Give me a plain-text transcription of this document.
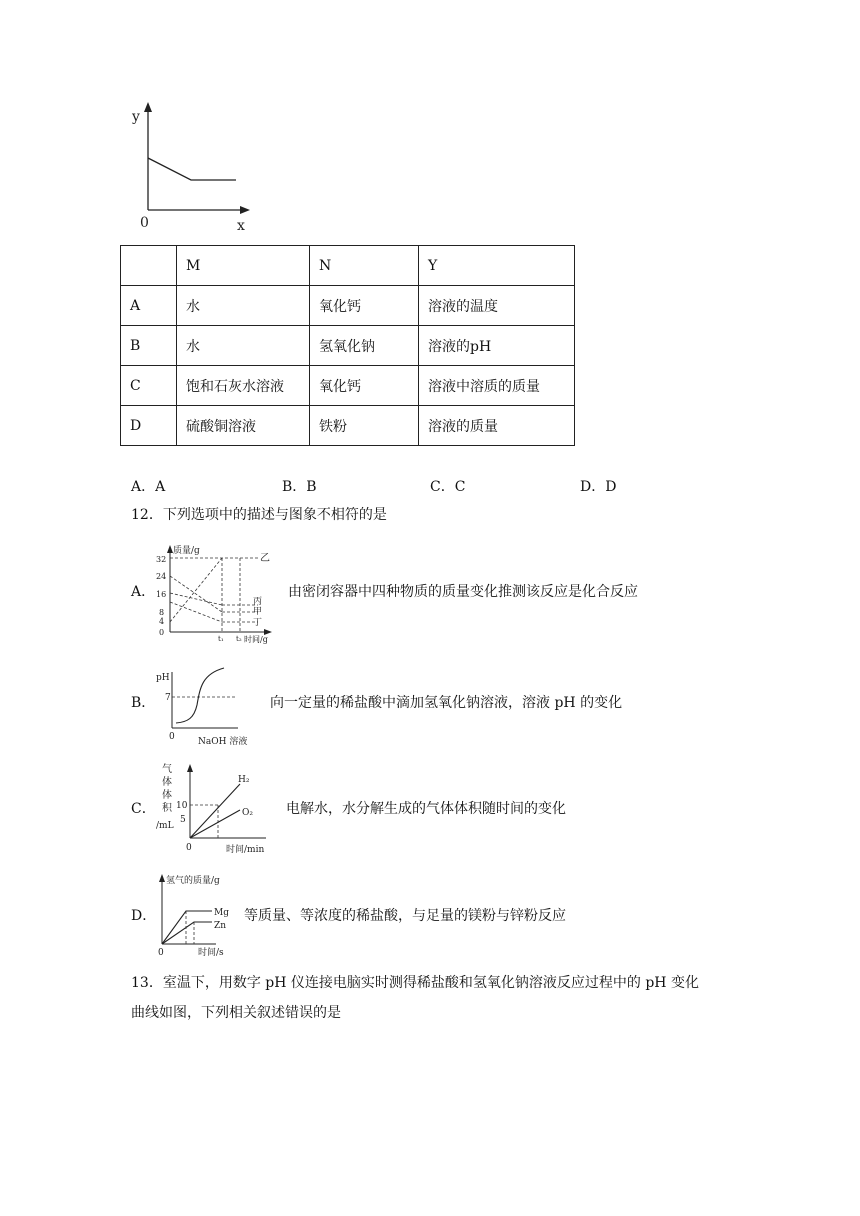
y
0	x
	M	N	Y
A	水	氧化钙	溶液的温度
B	水	氢氧化钠	溶液的pH
C	饱和石灰水溶液	氧化钙	溶液中溶质的质量
D	硫酸铜溶液	铁粉	溶液的质量
A．A	B．B	C．C	D．D
12．下列选项中的描述与图象不相符的是
A．
质量/g
32
24
16
8
4
0
乙
丙
甲
丁
t₁ t₂ 时间/g
由密闭容器中四种物质的质量变化推测该反应是化合反应
B．
pH
7
0	NaOH 溶液
向一定量的稀盐酸中滴加氢氧化钠溶液，溶液 pH 的变化
C．
气
体
体
积
/mL
10
5
H₂
O₂
0	时间/min
电解水，水分解生成的气体体积随时间的变化
D．
氢气的质量/g
Mg
Zn
0	时间/s
等质量、等浓度的稀盐酸，与足量的镁粉与锌粉反应
13．室温下，用数字 pH 仪连接电脑实时测得稀盐酸和氢氧化钠溶液反应过程中的 pH 变化
曲线如图，下列相关叙述错误的是
